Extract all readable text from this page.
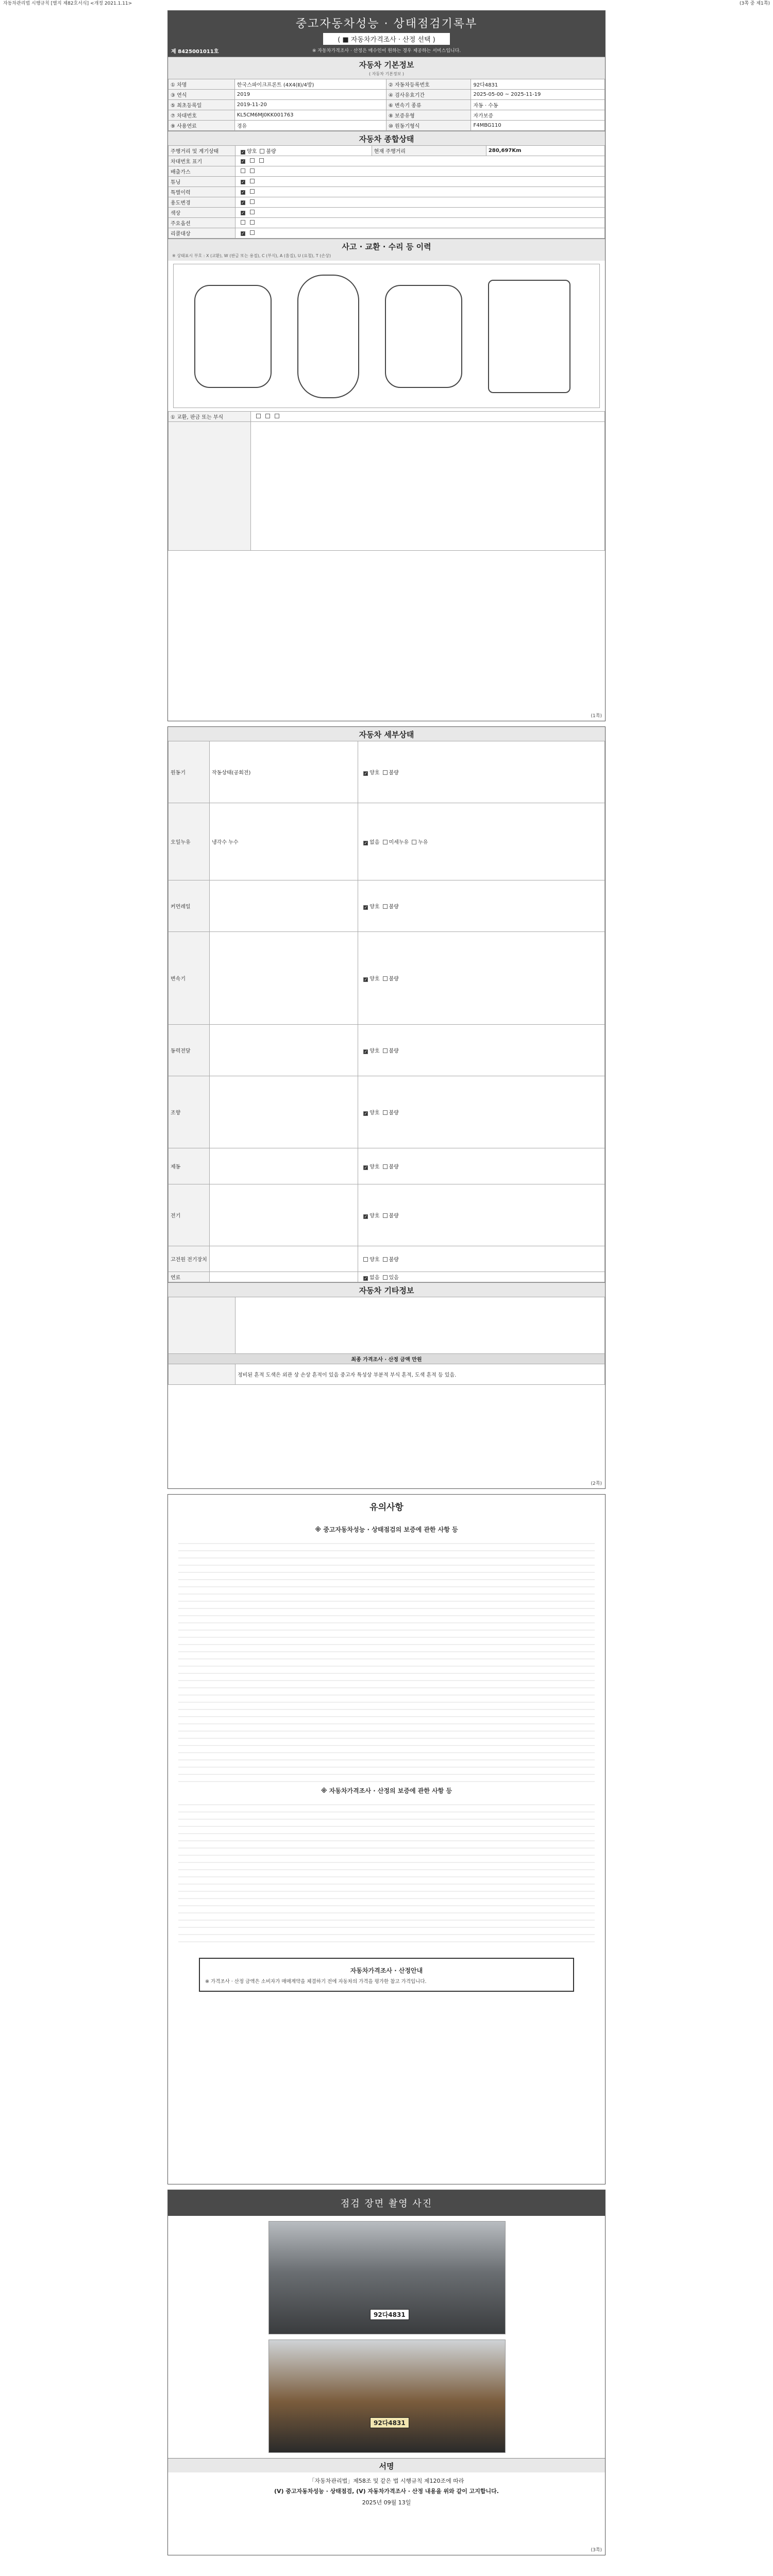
자동차관리법 시행규칙 [별지 제82호서식] <개정 2021.1.11>	(3쪽 중 제1쪽)
중고자동차성능 · 상태점검기록부
( ■ 자동차가격조사 · 산정 선택 )
※ 자동차가격조사 · 산정은 매수인이 원하는 경우 제공하는 서비스입니다.
제 8425001011호
자동차 기본정보
( 자동차 기본정보 )
① 차명	한국스파이크프론트 (4X4(Ⅱ)/4방)	② 자동차등록번호	92다4831
③ 연식	2019	④ 검사유효기간	2025-05-00 ~ 2025-11-19
⑤ 최초등록일	2019-11-20	⑥ 변속기 종류	자동 · 수동
⑦ 차대번호	KL5CM6MJ0KK001763	⑧ 보증유형	자가보증
⑨ 사용연료	경유	⑩ 원동기형식	F4MBG110
자동차 종합상태
주행거리 및 계기상태	✓ 양호 불량	현재 주행거리	280,697Km
차대번호 표기	✓		
배출가스			
튜닝	✓		
특별이력	✓		
용도변경	✓		
색상	✓		
주요옵션			
리콜대상	✓		
사고 · 교환 · 수리 등 이력
※ 상태표시 부호 : X (교환), W (판금 또는 용접), C (부식), A (흠집), U (요철), T (손상)
① 교환, 판금 또는 부식	

(1쪽)
자동차 세부상태
원동기	작동상태(공회전)	✓ 양호 불량
오일누유	냉각수 누수	✓ 없음 미세누유 누유
커먼레일		✓ 양호 불량
변속기		✓ 양호 불량
동력전달		✓ 양호 불량
조향		✓ 양호 불량
제동		✓ 양호 불량
전기		✓ 양호 불량
고전원 전기장치		양호 불량
연료		✓ 없음 있음
자동차 기타정보

최종 가격조사 · 산정 금액 만원	
	정비된 흔적 도색은 외관 상 손상 흔적이 있음 중고자 특성상 부분적 부식 흔적, 도색 흔적 등 있음.
(2쪽)
유의사항
※ 중고자동차성능 · 상태점검의 보증에 관한 사항 등
※ 자동차가격조사 · 산정의 보증에 관한 사항 등
자동차가격조사 · 산정안내
※ 가격조사 · 산정 금액은 소비자가 매매계약을 체결하기 전에 자동차의 가격을 평가한 참고 가격입니다.
점검 장면 촬영 사진
92다4831
92다4831
서명
「자동차관리법」제58조 및 같은 법 시행규칙 제120조에 따라
(V) 중고자동차성능 · 상태점검, (V) 자동차가격조사 · 산정 내용을 위와 같이 고지합니다.
2025년 09월 13일
(3쪽)
